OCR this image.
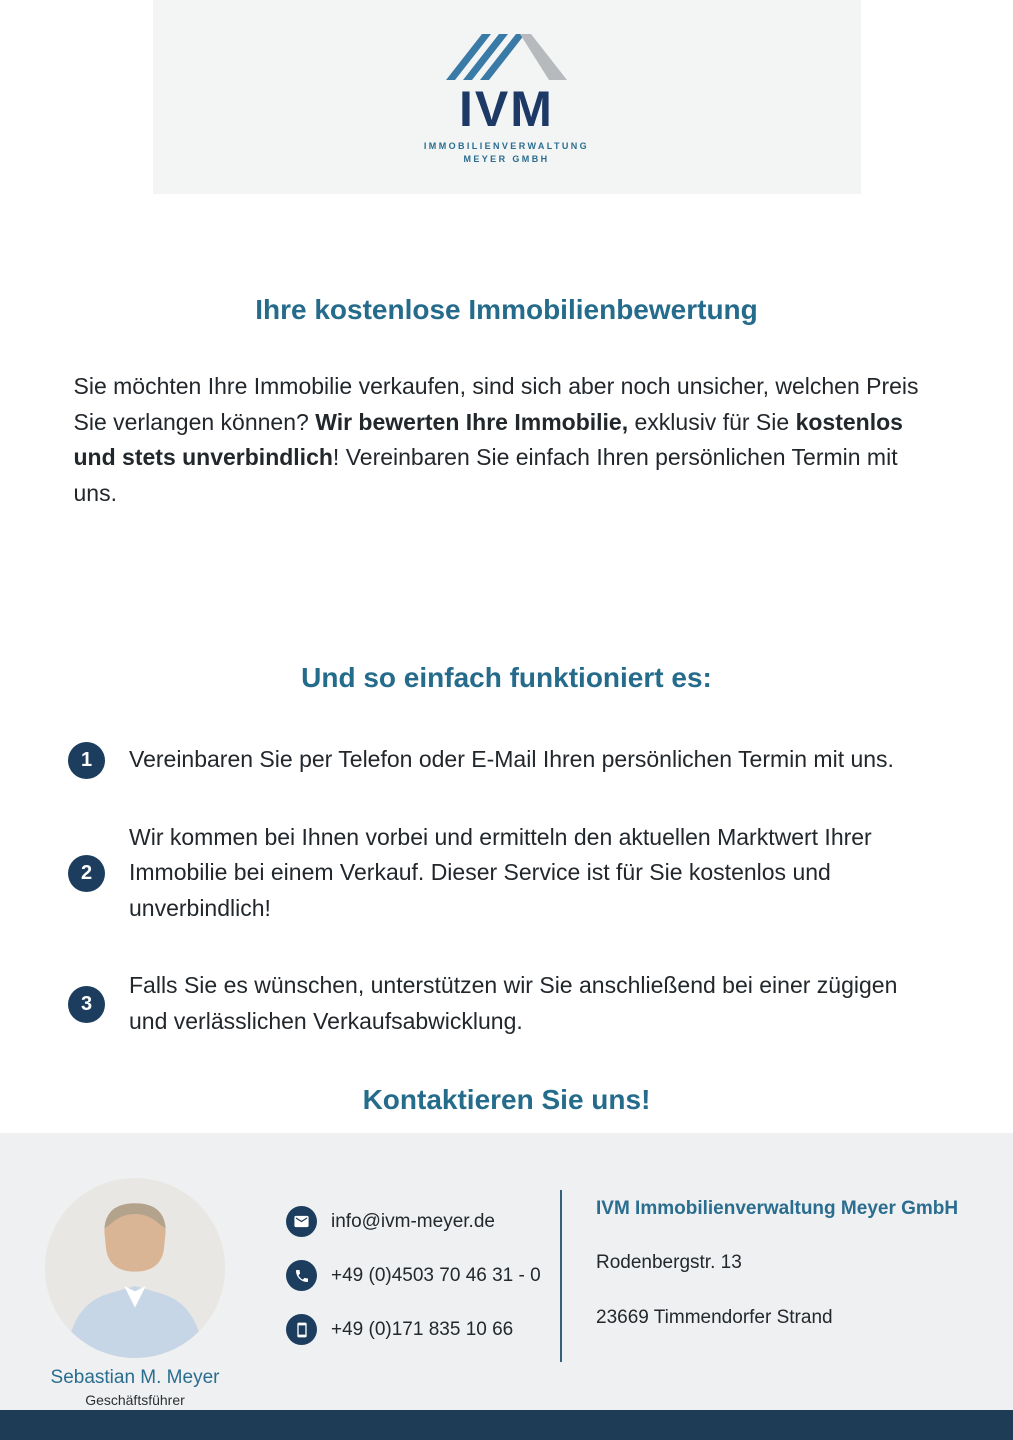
IVM
IMMOBILIENVERWALTUNG
MEYER GMBH
Ihre kostenlose Immobilienbewertung

Sie möchten Ihre Immobilie verkaufen, sind sich aber noch unsicher, welchen Preis Sie verlangen können? Wir bewerten Ihre Immobilie, exklusiv für Sie kostenlos und stets unverbindlich! Vereinbaren Sie einfach Ihren persönlichen Termin mit uns.

Und so einfach funktioniert es:
1	Vereinbaren Sie per Telefon oder E-Mail Ihren persönlichen Termin mit uns.
2
Wir kommen bei Ihnen vorbei und ermitteln den aktuellen Marktwert Ihrer Immobilie bei einem Verkauf. Dieser Service ist für Sie kostenlos und unverbindlich!
3
Falls Sie es wünschen, unterstützen wir Sie anschließend bei einer zügigen und verlässlichen Verkaufsabwicklung.
Kontaktieren Sie uns!
Sebastian M. Meyer
Geschäftsführer
info@ivm-meyer.de
+49 (0)4503 70 46 31 - 0
+49 (0)171 835 10 66
IVM Immobilienverwaltung Meyer GmbH
Rodenbergstr. 13
23669 Timmendorfer Strand
